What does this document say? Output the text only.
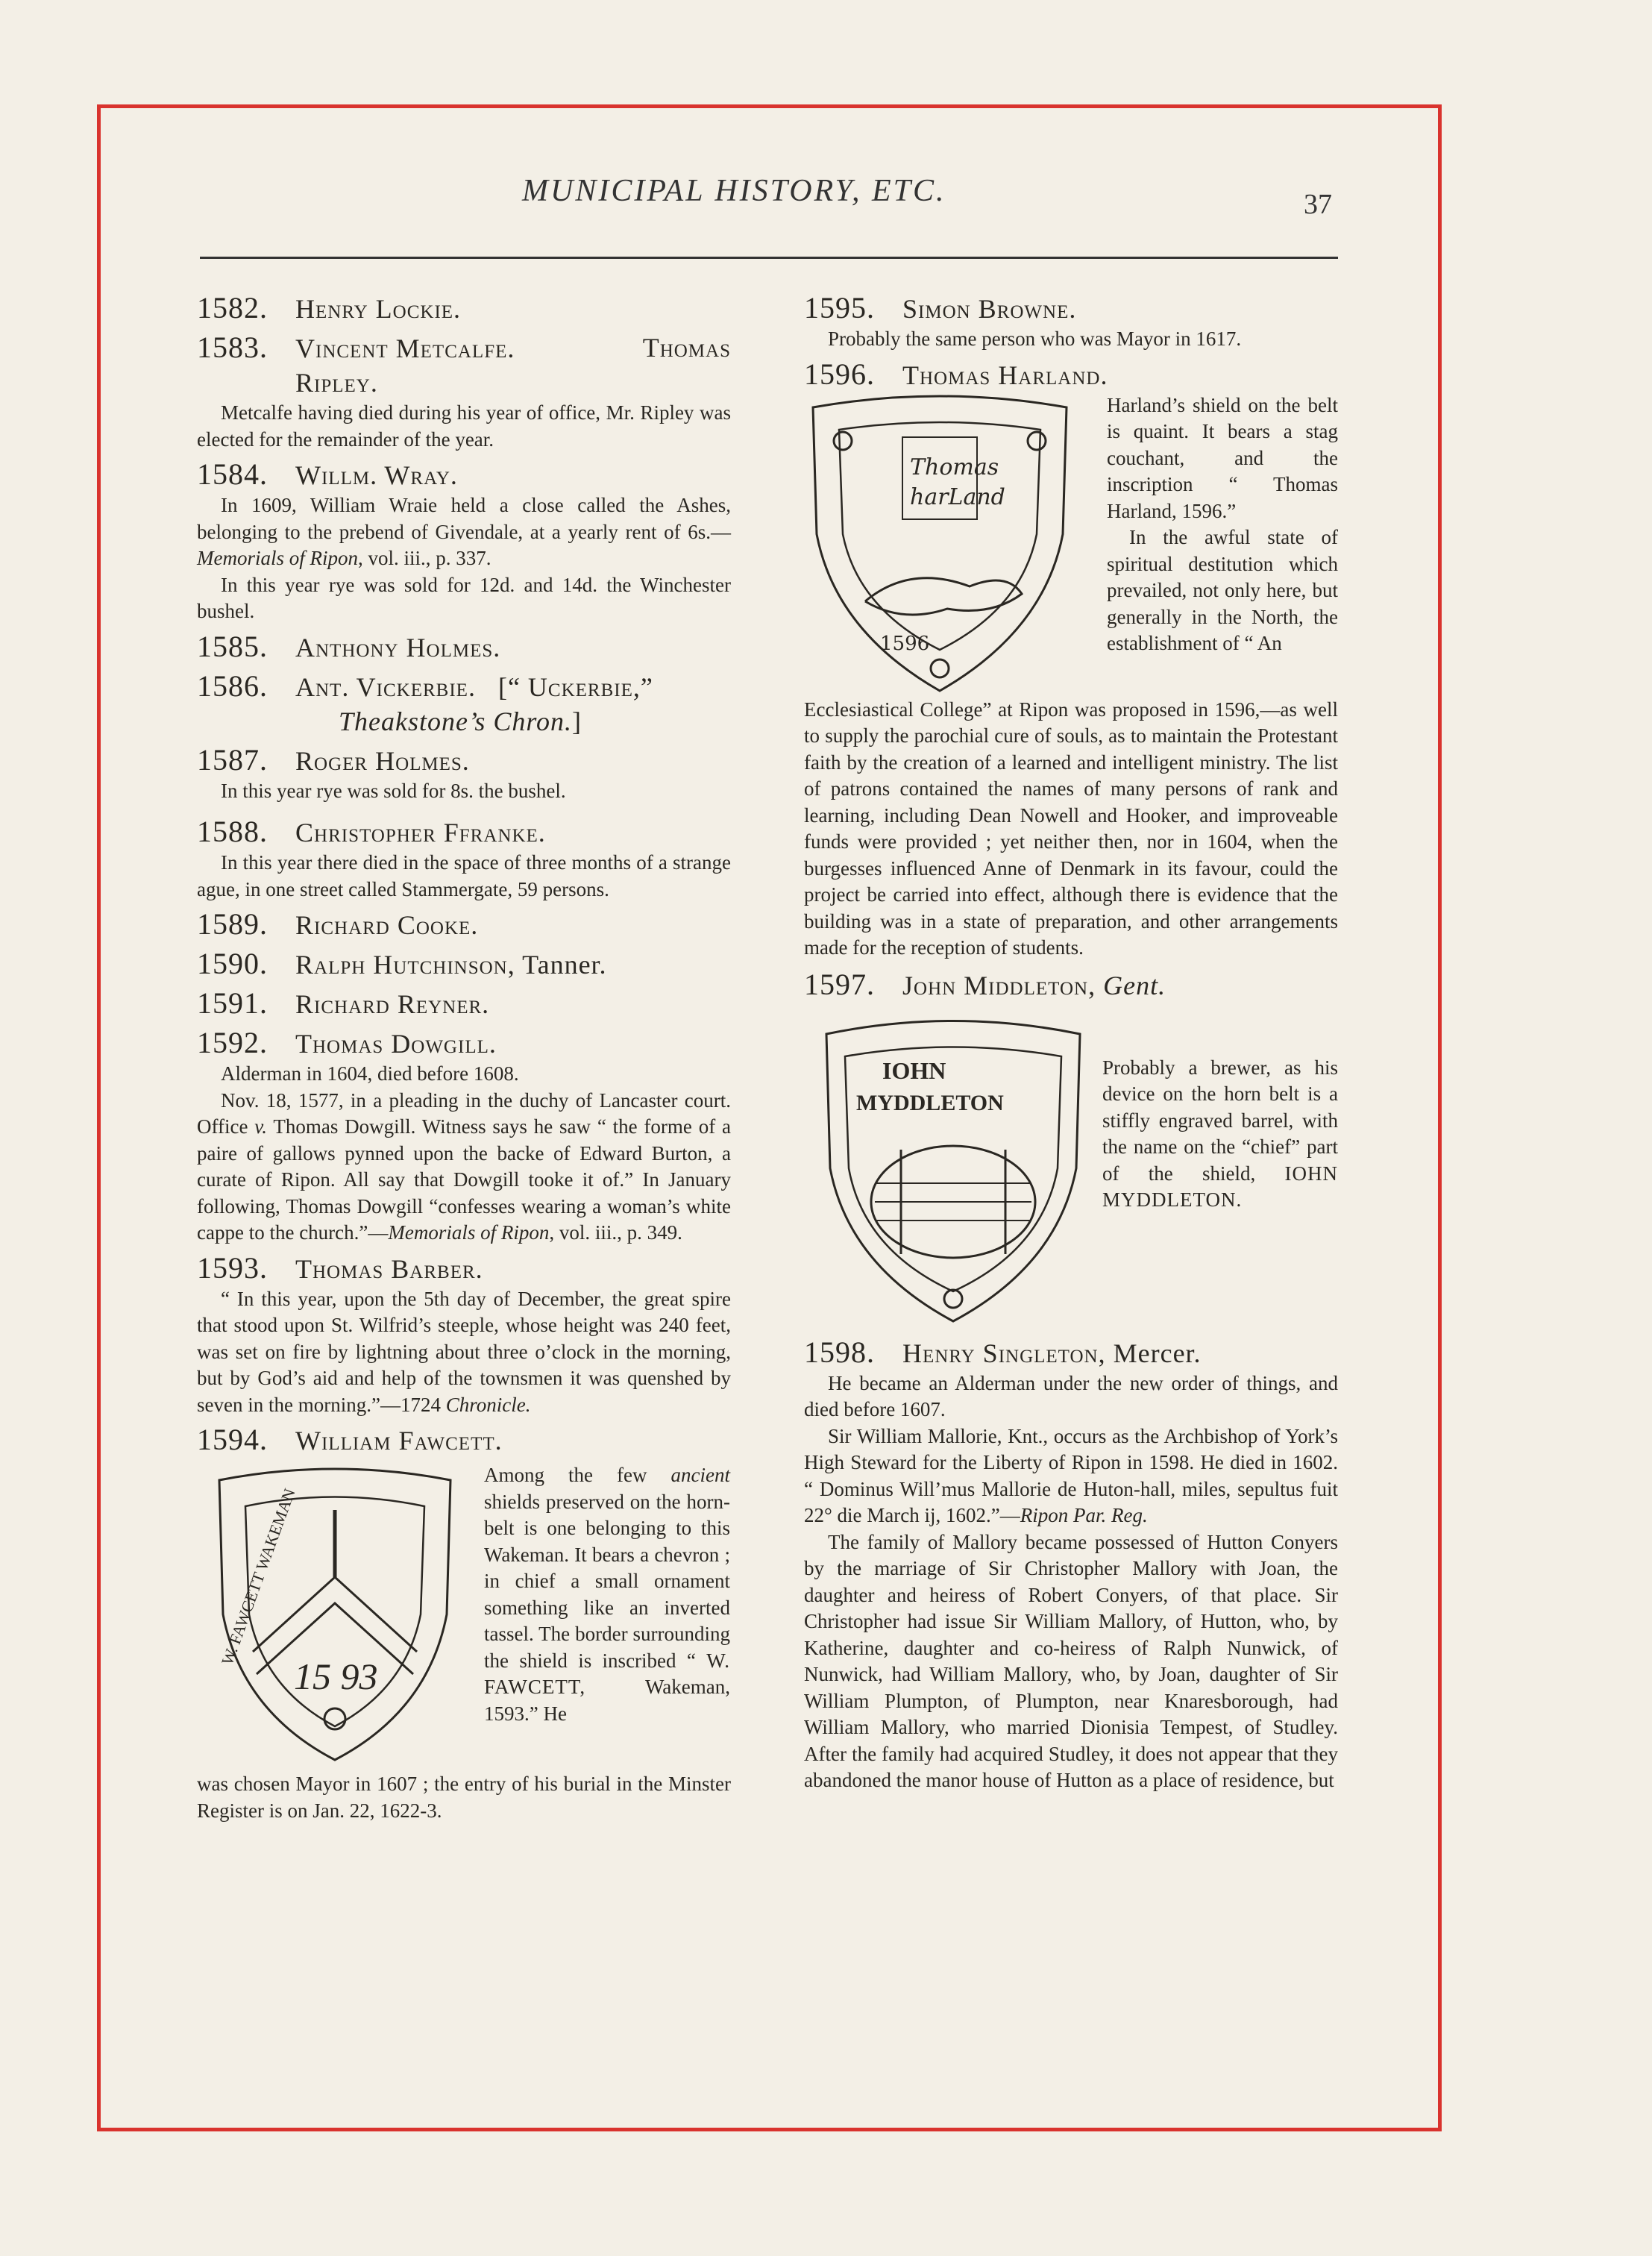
MUNICIPAL HISTORY, ETC.	37
1582. Henry Lockie.
1583. Vincent Metcalfe.	Thomas
Ripley.

Metcalfe having died during his year of office, Mr. Ripley was elected for the remainder of the year.

1584. Willm. Wray.

In 1609, William Wraie held a close called the Ashes, belonging to the prebend of Givendale, at a yearly rent of 6s.—Memorials of Ripon, vol. iii., p. 337.

In this year rye was sold for 12d. and 14d. the Winchester bushel.

1585. Anthony Holmes.
1586. Ant. Vickerbie. [“ Uckerbie,”
Theakstone’s Chron.]
1587. Roger Holmes.

In this year rye was sold for 8s. the bushel.

1588. Christopher Ffranke.

In this year there died in the space of three months of a strange ague, in one street called Stammergate, 59 persons.

1589. Richard Cooke.
1590. Ralph Hutchinson, Tanner.
1591. Richard Reyner.
1592. Thomas Dowgill.

Alderman in 1604, died before 1608.

Nov. 18, 1577, in a pleading in the duchy of Lancaster court. Office v. Thomas Dowgill. Witness says he saw “ the forme of a paire of gallows pynned upon the backe of Edward Burton, a curate of Ripon. All say that Dowgill tooke it of.” In January following, Thomas Dowgill “confesses wearing a woman’s white cappe to the church.”—Memorials of Ripon, vol. iii., p. 349.

1593. Thomas Barber.

“ In this year, upon the 5th day of December, the great spire that stood upon St. Wilfrid’s steeple, whose height was 240 feet, was set on fire by lightning about three o’clock in the morning, but by God’s aid and help of the townsmen it was quenshed by seven in the morning.”—1724 Chronicle.

1594. William Fawcett.
15 93
W. FAWCETT WAKEMAN

Among the few ancient shields preserved on the horn-belt is one belonging to this Wakeman. It bears a chevron ; in chief a small ornament something like an inverted tassel. The border surrounding the shield is inscribed “ W. FAWCETT, Wakeman, 1593.” He

was chosen Mayor in 1607 ; the entry of his burial in the Minster Register is on Jan. 22, 1622-3.

1595. Simon Browne.

Probably the same person who was Mayor in 1617.

1596. Thomas Harland.
Thomas
harLand
1596

Harland’s shield on the belt is quaint. It bears a stag couchant, and the inscription “ Thomas Harland, 1596.”

In the awful state of spiritual destitution which prevailed, not only here, but generally in the North, the establishment of “ An

Ecclesiastical College” at Ripon was proposed in 1596,—as well to supply the parochial cure of souls, as to maintain the Protestant faith by the creation of a learned and intelligent ministry. The list of patrons contained the names of many persons of rank and learning, including Dean Nowell and Hooker, and improveable funds were provided ; yet neither then, nor in 1604, when the burgesses influenced Anne of Denmark in its favour, could the project be carried into effect, although there is evidence that the building was in a state of preparation, and other arrangements made for the reception of students.

1597. John Middleton, Gent.
IOHN
MYDDLETON

Probably a brewer, as his device on the horn belt is a stiffly engraved barrel, with the name on the “chief” part of the shield, IOHN MYDDLETON.

1598. Henry Singleton, Mercer.

He became an Alderman under the new order of things, and died before 1607.

Sir William Mallorie, Knt., occurs as the Archbishop of York’s High Steward for the Liberty of Ripon in 1598. He died in 1602. “ Dominus Will’mus Mallorie de Huton-hall, miles, sepultus fuit 22° die March ij, 1602.”—Ripon Par. Reg.

The family of Mallory became possessed of Hutton Conyers by the marriage of Sir Christopher Mallory with Joan, the daughter and heiress of Robert Conyers, of that place. Sir Christopher had issue Sir William Mallory, of Hutton, who, by Katherine, daughter and co-heiress of Ralph Nunwick, of Nunwick, had William Mallory, who, by Joan, daughter of Sir William Plumpton, of Plumpton, near Knaresborough, had William Mallory, who married Dionisia Tempest, of Studley. After the family had acquired Studley, it does not appear that they abandoned the manor house of Hutton as a place of residence, but
